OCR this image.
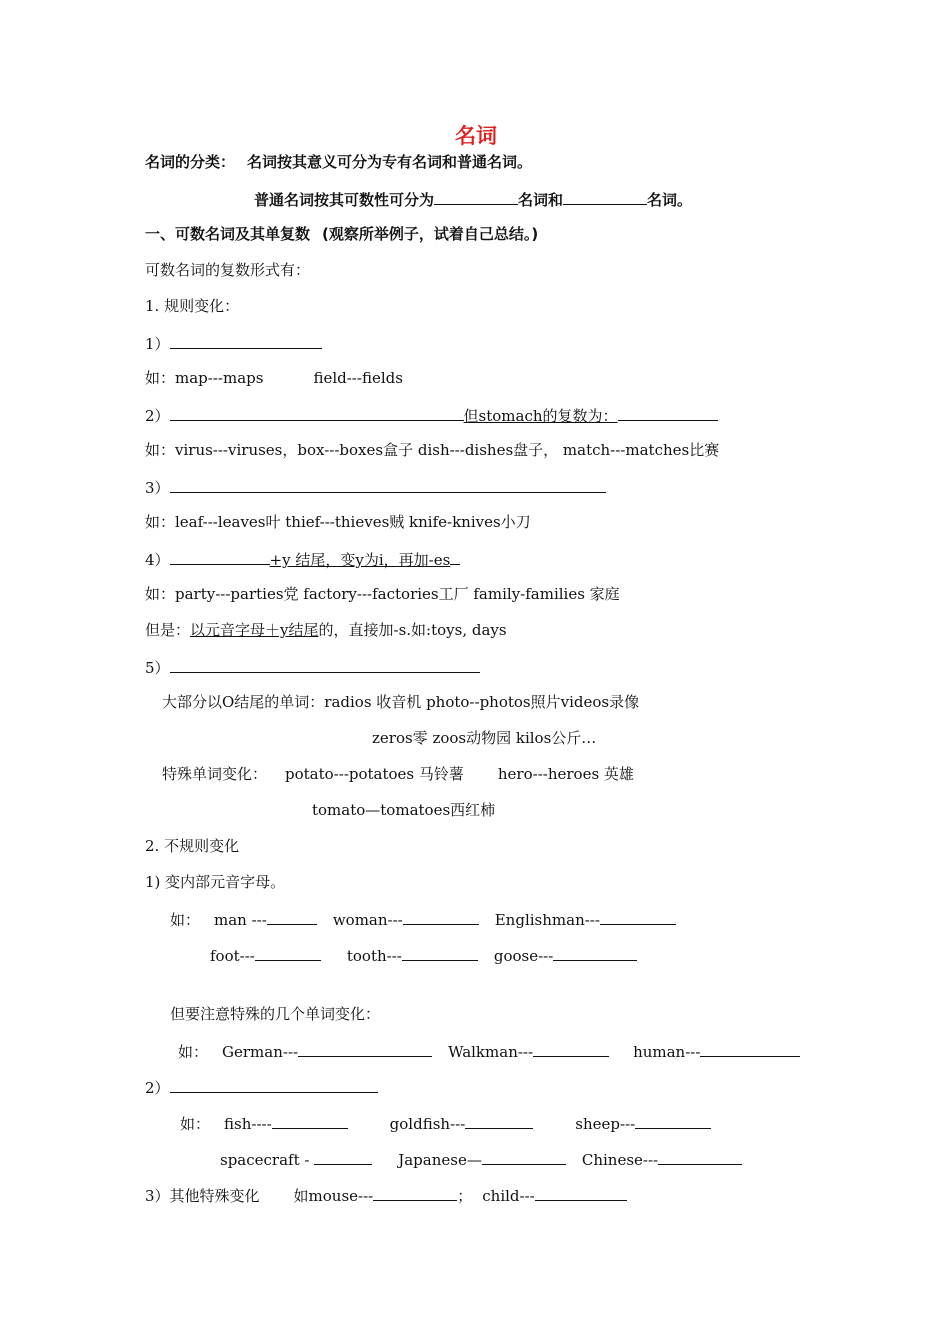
名词
名词的分类： 名词按其意义可分为专有名词和普通名词。
普通名词按其可数性可分为	名词和	名词。
一、可数名词及其单复数 (观察所举例子，试着自己总结。)
可数名词的复数形式有：
1. 规则变化：
1）
如：map---maps	field---fields
2）	但stomach的复数为：
如：virus---viruses，box---boxes盒子 dish---dishes盘子， match---matches比赛
3）
如：leaf---leaves叶 thief---thieves贼 knife-knives小刀
4）	+y 结尾，变y为i，再加-es
如：party---parties党 factory---factories工厂 family-families 家庭
但是：以元音字母＋y结尾的，直接加-s.如:toys, days
5）
大部分以O结尾的单词：radios 收音机 photo--photos照片videos录像
zeros零 zoos动物园 kilos公斤…
特殊单词变化： potato---potatoes 马铃薯 hero---heroes 英雄
tomato—tomatoes西红柿
2. 不规则变化
1) 变内部元音字母。
如： man ---	woman---	Englishman---
foot---	tooth---	goose---
但要注意特殊的几个单词变化：
如： German---	Walkman---	human---
2）
如： fish----	goldfish---	sheep---
spacecraft -	Japanese—	Chinese---
3）其他特殊变化 如mouse---	； child---
